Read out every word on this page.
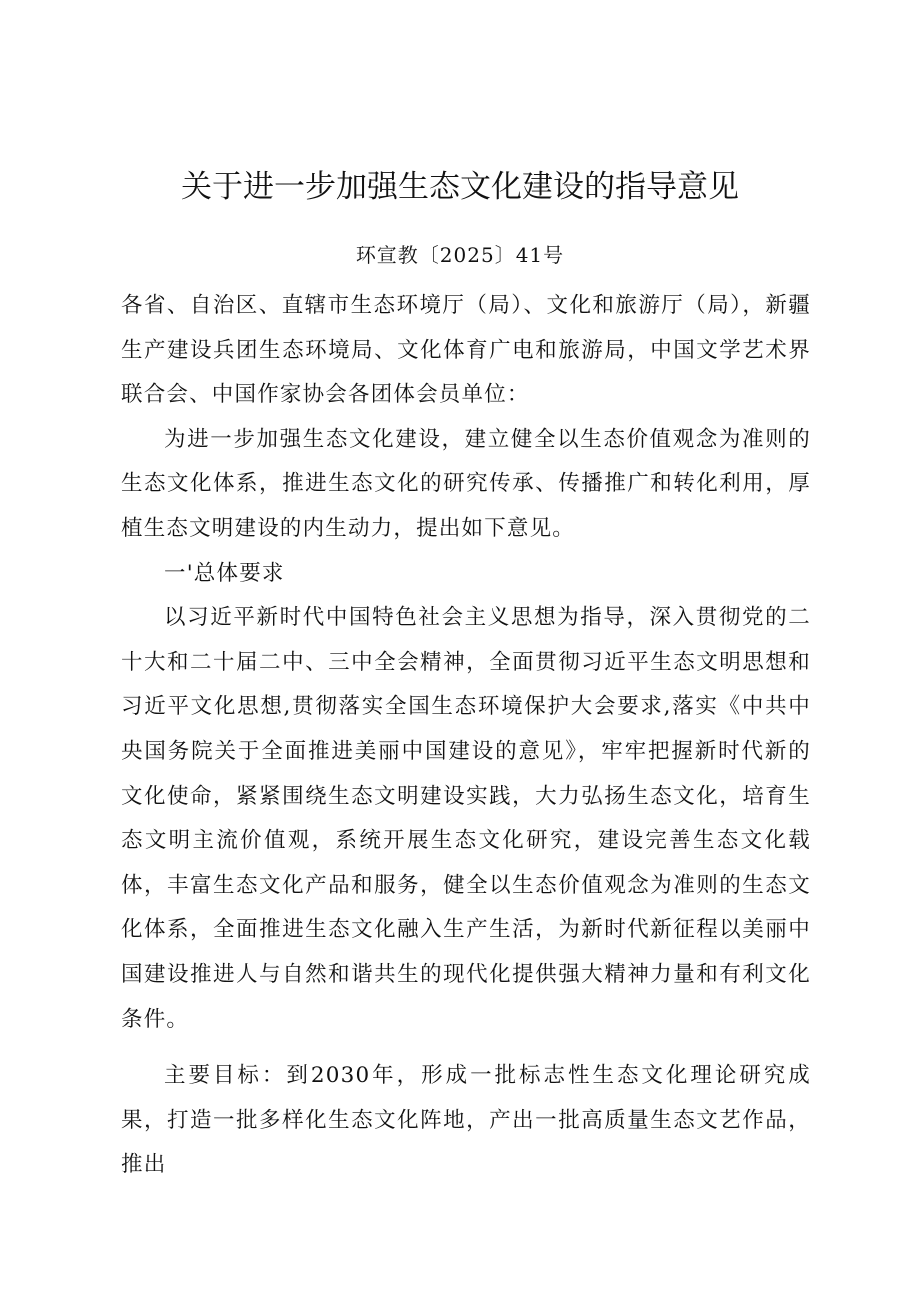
关于进一步加强生态文化建设的指导意见
环宣教〔2025〕41号

各省、自治区、直辖市生态环境厅（局）、文化和旅游厅（局），新疆生产建设兵团生态环境局、文化体育广电和旅游局，中国文学艺术界联合会、中国作家协会各团体会员单位：

为进一步加强生态文化建设，建立健全以生态价值观念为准则的生态文化体系，推进生态文化的研究传承、传播推广和转化利用，厚植生态文明建设的内生动力，提出如下意见。

一'总体要求

以习近平新时代中国特色社会主义思想为指导，深入贯彻党的二十大和二十届二中、三中全会精神，全面贯彻习近平生态文明思想和习近平文化思想,贯彻落实全国生态环境保护大会要求,落实《中共中央国务院关于全面推进美丽中国建设的意见》，牢牢把握新时代新的文化使命，紧紧围绕生态文明建设实践，大力弘扬生态文化，培育生态文明主流价值观，系统开展生态文化研究，建设完善生态文化载体，丰富生态文化产品和服务，健全以生态价值观念为准则的生态文化体系，全面推进生态文化融入生产生活，为新时代新征程以美丽中国建设推进人与自然和谐共生的现代化提供强大精神力量和有利文化条件。

主要目标：到2030年，形成一批标志性生态文化理论研究成果，打造一批多样化生态文化阵地，产出一批高质量生态文艺作品，推出
